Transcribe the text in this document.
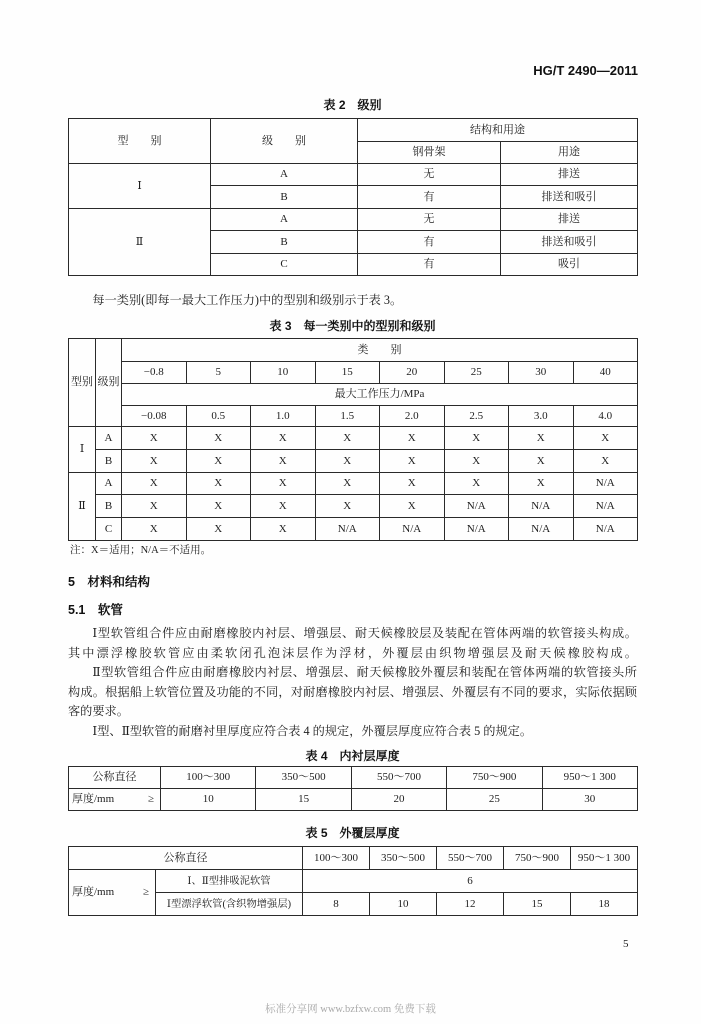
HG/T 2490—2011
表 2　级别
型　　别	级　　别	结构和用途	
		钢骨架	用途
Ⅰ	A	无	排送
	B	有	排送和吸引
Ⅱ	A	无	排送
	B	有	排送和吸引
	C	有	吸引
每一类别(即每一最大工作压力)中的型别和级别示于表 3。
表 3　每一类别中的型别和级别
型别	级别	类　　别							
		−0.8	5	10	15	20	25	30	40
		最大工作压力/MPa							
		−0.08	0.5	1.0	1.5	2.0	2.5	3.0	4.0
Ⅰ	A	X	X	X	X	X	X	X	X
	B	X	X	X	X	X	X	X	X
Ⅱ	A	X	X	X	X	X	X	X	N/A
	B	X	X	X	X	X	N/A	N/A	N/A
	C	X	X	X	N/A	N/A	N/A	N/A	N/A
注：X＝适用；N/A＝不适用。
5　材料和结构
5.1　软管
Ⅰ型软管组合件应由耐磨橡胶内衬层、增强层、耐天候橡胶层及装配在管体两端的软管接头构成。
其中漂浮橡胶软管应由柔软闭孔泡沫层作为浮材，外覆层由织物增强层及耐天候橡胶构成。
Ⅱ型软管组合件应由耐磨橡胶内衬层、增强层、耐天候橡胶外覆层和装配在管体两端的软管接头所
构成。根据船上软管位置及功能的不同，对耐磨橡胶内衬层、增强层、外覆层有不同的要求，实际依据顾
客的要求。
Ⅰ型、Ⅱ型软管的耐磨衬里厚度应符合表 4 的规定，外覆层厚度应符合表 5 的规定。
表 4　内衬层厚度
公称直径	100～300	350～500	550～700	750～900	950～1 300

厚度/mm ≥	10	15	20	25	30
表 5　外覆层厚度
公称直径		100～300	350～500	550～700	750～900	950～1 300

厚度/mm ≥	Ⅰ、Ⅱ型排吸泥软管	6				
	Ⅰ型漂浮软管(含织物增强层)	8	10	12	15	18
5
标准分享网 www.bzfxw.com 免费下载
